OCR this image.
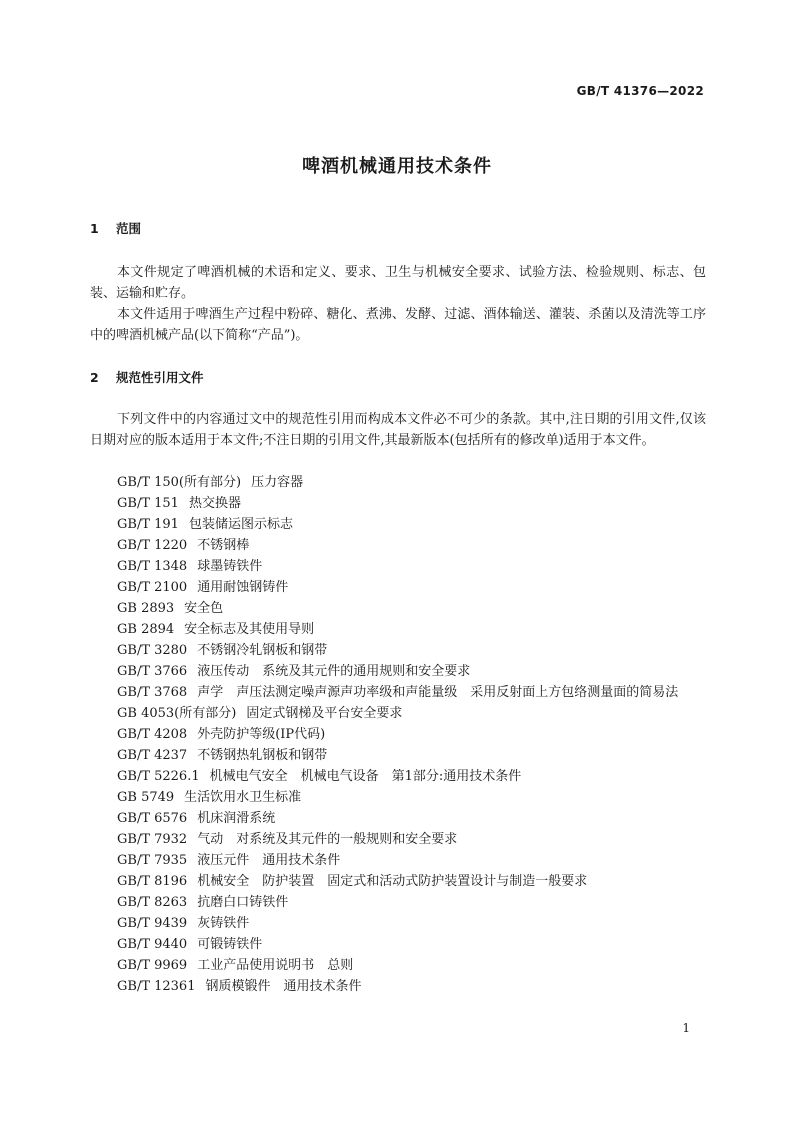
GB/T 41376—2022
啤酒机械通用技术条件
1 范围

本文件规定了啤酒机械的术语和定义、要求、卫生与机械安全要求、试验方法、检验规则、标志、包装、运输和贮存。

本文件适用于啤酒生产过程中粉碎、糖化、煮沸、发酵、过滤、酒体输送、灌装、杀菌以及清洗等工序中的啤酒机械产品(以下简称“产品”)。

2 规范性引用文件

下列文件中的内容通过文中的规范性引用而构成本文件必不可少的条款。其中,注日期的引用文件,仅该日期对应的版本适用于本文件;不注日期的引用文件,其最新版本(包括所有的修改单)适用于本文件。

GB/T 150(所有部分) 压力容器
GB/T 151 热交换器
GB/T 191 包装储运图示标志
GB/T 1220 不锈钢棒
GB/T 1348 球墨铸铁件
GB/T 2100 通用耐蚀钢铸件
GB 2893 安全色
GB 2894 安全标志及其使用导则
GB/T 3280 不锈钢冷轧钢板和钢带
GB/T 3766 液压传动　系统及其元件的通用规则和安全要求
GB/T 3768 声学　声压法测定噪声源声功率级和声能量级　采用反射面上方包络测量面的简易法
GB 4053(所有部分) 固定式钢梯及平台安全要求
GB/T 4208 外壳防护等级(IP代码)
GB/T 4237 不锈钢热轧钢板和钢带
GB/T 5226.1 机械电气安全　机械电气设备　第1部分:通用技术条件
GB 5749 生活饮用水卫生标准
GB/T 6576 机床润滑系统
GB/T 7932 气动　对系统及其元件的一般规则和安全要求
GB/T 7935 液压元件　通用技术条件
GB/T 8196 机械安全　防护装置　固定式和活动式防护装置设计与制造一般要求
GB/T 8263 抗磨白口铸铁件
GB/T 9439 灰铸铁件
GB/T 9440 可锻铸铁件
GB/T 9969 工业产品使用说明书　总则
GB/T 12361 钢质模锻件　通用技术条件
1
